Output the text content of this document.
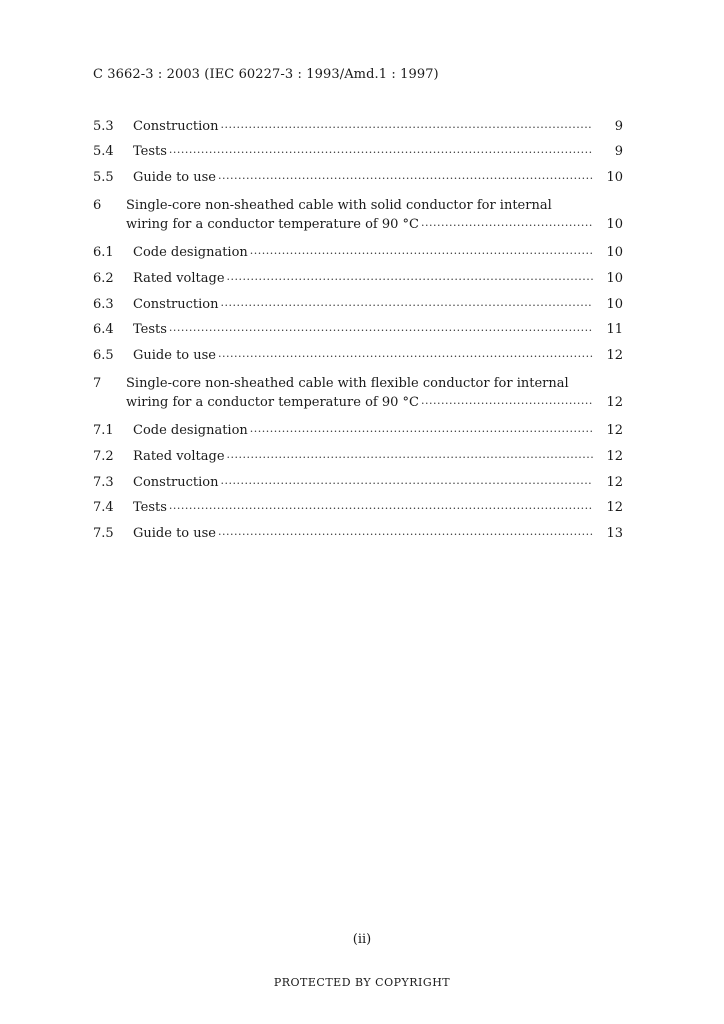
C 3662-3 : 2003 (IEC 60227-3 : 1993/Amd.1 : 1997)
5.3	Construction .....	9
5.4	Tests .....	9
5.5	Guide to use .....	10
6	Single-core non-sheathed cable with solid conductor for internal
wiring for a conductor temperature of 90 °C .....	10
6.1	Code designation .....	10
6.2	Rated voltage .....	10
6.3	Construction .....	10
6.4	Tests .....	11
6.5	Guide to use .....	12
7	Single-core non-sheathed cable with flexible conductor for internal
wiring for a conductor temperature of 90 °C .....	12
7.1	Code designation .....	12
7.2	Rated voltage .....	12
7.3	Construction .....	12
7.4	Tests .....	12
7.5	Guide to use .....	13
(ii)
PROTECTED BY COPYRIGHT
